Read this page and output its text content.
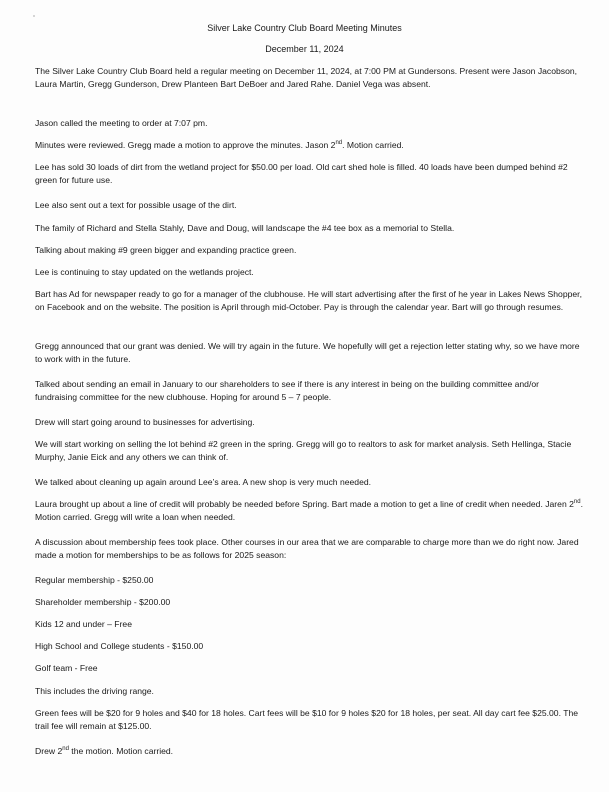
Silver Lake Country Club Board Meeting Minutes
December 11, 2024

The Silver Lake Country Club Board held a regular meeting on December 11, 2024, at 7:00 PM at Gundersons. Present were Jason Jacobson, Laura Martin, Gregg Gunderson, Drew Planteen Bart DeBoer and Jared Rahe. Daniel Vega was absent.

Jason called the meeting to order at 7:07 pm.

Minutes were reviewed. Gregg made a motion to approve the minutes. Jason 2nd. Motion carried.

Lee has sold 30 loads of dirt from the wetland project for $50.00 per load. Old cart shed hole is filled. 40 loads have been dumped behind #2 green for future use.

Lee also sent out a text for possible usage of the dirt.

The family of Richard and Stella Stahly, Dave and Doug, will landscape the #4 tee box as a memorial to Stella.

Talking about making #9 green bigger and expanding practice green.

Lee is continuing to stay updated on the wetlands project.

Bart has Ad for newspaper ready to go for a manager of the clubhouse. He will start advertising after the first of he year in Lakes News Shopper, on Facebook and on the website. The position is April through mid-October. Pay is through the calendar year. Bart will go through resumes.

Gregg announced that our grant was denied. We will try again in the future. We hopefully will get a rejection letter stating why, so we have more to work with in the future.

Talked about sending an email in January to our shareholders to see if there is any interest in being on the building committee and/or fundraising committee for the new clubhouse. Hoping for around 5 – 7 people.

Drew will start going around to businesses for advertising.

We will start working on selling the lot behind #2 green in the spring. Gregg will go to realtors to ask for market analysis. Seth Hellinga, Stacie Murphy, Janie Eick and any others we can think of.

We talked about cleaning up again around Lee’s area. A new shop is very much needed.

Laura brought up about a line of credit will probably be needed before Spring. Bart made a motion to get a line of credit when needed. Jaren 2nd. Motion carried. Gregg will write a loan when needed.

A discussion about membership fees took place. Other courses in our area that we are comparable to charge more than we do right now. Jared made a motion for memberships to be as follows for 2025 season:

Regular membership - $250.00

Shareholder membership - $200.00

Kids 12 and under – Free

High School and College students - $150.00

Golf team - Free

This includes the driving range.

Green fees will be $20 for 9 holes and $40 for 18 holes. Cart fees will be $10 for 9 holes $20 for 18 holes, per seat. All day cart fee $25.00. The trail fee will remain at $125.00.

Drew 2nd the motion. Motion carried.
